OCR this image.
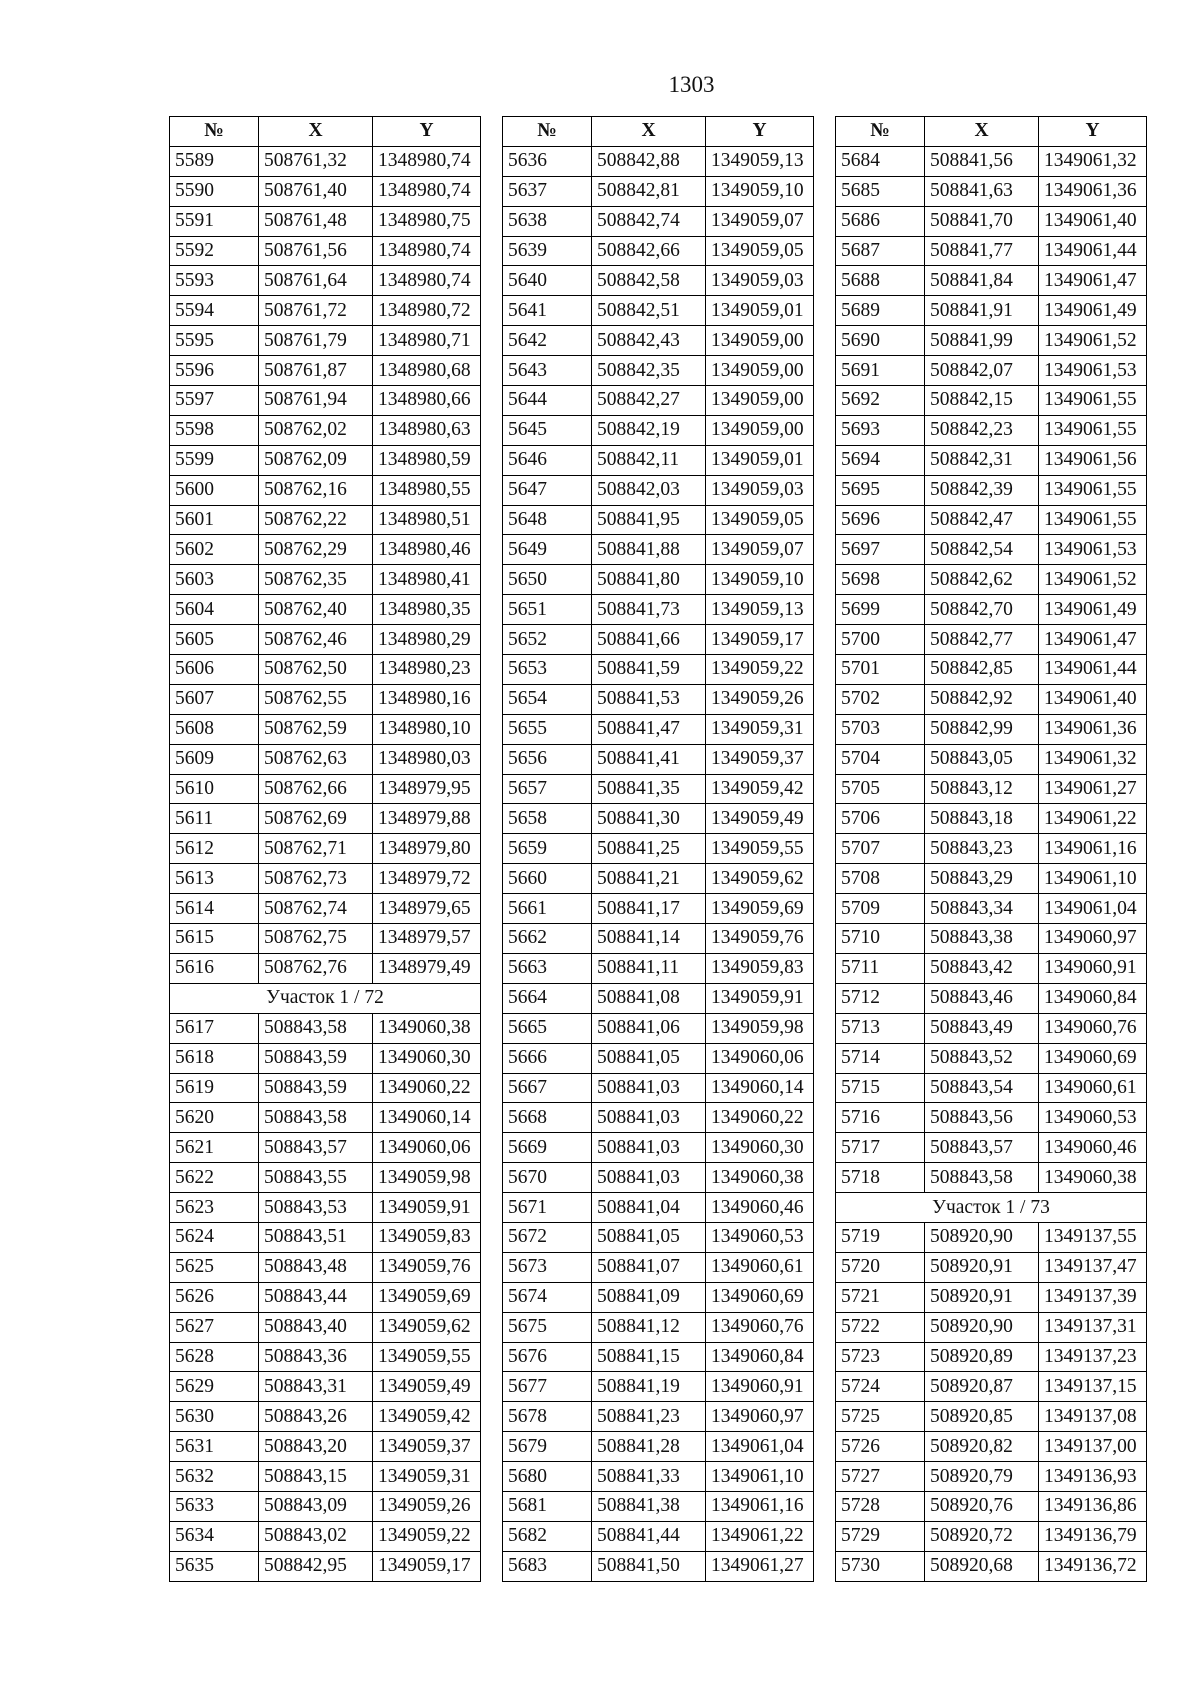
1303
№	X	Y
5589	508761,32	1348980,74
5590	508761,40	1348980,74
5591	508761,48	1348980,75
5592	508761,56	1348980,74
5593	508761,64	1348980,74
5594	508761,72	1348980,72
5595	508761,79	1348980,71
5596	508761,87	1348980,68
5597	508761,94	1348980,66
5598	508762,02	1348980,63
5599	508762,09	1348980,59
5600	508762,16	1348980,55
5601	508762,22	1348980,51
5602	508762,29	1348980,46
5603	508762,35	1348980,41
5604	508762,40	1348980,35
5605	508762,46	1348980,29
5606	508762,50	1348980,23
5607	508762,55	1348980,16
5608	508762,59	1348980,10
5609	508762,63	1348980,03
5610	508762,66	1348979,95
5611	508762,69	1348979,88
5612	508762,71	1348979,80
5613	508762,73	1348979,72
5614	508762,74	1348979,65
5615	508762,75	1348979,57
5616	508762,76	1348979,49
Участок 1 / 72		
5617	508843,58	1349060,38
5618	508843,59	1349060,30
5619	508843,59	1349060,22
5620	508843,58	1349060,14
5621	508843,57	1349060,06
5622	508843,55	1349059,98
5623	508843,53	1349059,91
5624	508843,51	1349059,83
5625	508843,48	1349059,76
5626	508843,44	1349059,69
5627	508843,40	1349059,62
5628	508843,36	1349059,55
5629	508843,31	1349059,49
5630	508843,26	1349059,42
5631	508843,20	1349059,37
5632	508843,15	1349059,31
5633	508843,09	1349059,26
5634	508843,02	1349059,22
5635	508842,95	1349059,17
№	X	Y
5636	508842,88	1349059,13
5637	508842,81	1349059,10
5638	508842,74	1349059,07
5639	508842,66	1349059,05
5640	508842,58	1349059,03
5641	508842,51	1349059,01
5642	508842,43	1349059,00
5643	508842,35	1349059,00
5644	508842,27	1349059,00
5645	508842,19	1349059,00
5646	508842,11	1349059,01
5647	508842,03	1349059,03
5648	508841,95	1349059,05
5649	508841,88	1349059,07
5650	508841,80	1349059,10
5651	508841,73	1349059,13
5652	508841,66	1349059,17
5653	508841,59	1349059,22
5654	508841,53	1349059,26
5655	508841,47	1349059,31
5656	508841,41	1349059,37
5657	508841,35	1349059,42
5658	508841,30	1349059,49
5659	508841,25	1349059,55
5660	508841,21	1349059,62
5661	508841,17	1349059,69
5662	508841,14	1349059,76
5663	508841,11	1349059,83
5664	508841,08	1349059,91
5665	508841,06	1349059,98
5666	508841,05	1349060,06
5667	508841,03	1349060,14
5668	508841,03	1349060,22
5669	508841,03	1349060,30
5670	508841,03	1349060,38
5671	508841,04	1349060,46
5672	508841,05	1349060,53
5673	508841,07	1349060,61
5674	508841,09	1349060,69
5675	508841,12	1349060,76
5676	508841,15	1349060,84
5677	508841,19	1349060,91
5678	508841,23	1349060,97
5679	508841,28	1349061,04
5680	508841,33	1349061,10
5681	508841,38	1349061,16
5682	508841,44	1349061,22
5683	508841,50	1349061,27
№	X	Y
5684	508841,56	1349061,32
5685	508841,63	1349061,36
5686	508841,70	1349061,40
5687	508841,77	1349061,44
5688	508841,84	1349061,47
5689	508841,91	1349061,49
5690	508841,99	1349061,52
5691	508842,07	1349061,53
5692	508842,15	1349061,55
5693	508842,23	1349061,55
5694	508842,31	1349061,56
5695	508842,39	1349061,55
5696	508842,47	1349061,55
5697	508842,54	1349061,53
5698	508842,62	1349061,52
5699	508842,70	1349061,49
5700	508842,77	1349061,47
5701	508842,85	1349061,44
5702	508842,92	1349061,40
5703	508842,99	1349061,36
5704	508843,05	1349061,32
5705	508843,12	1349061,27
5706	508843,18	1349061,22
5707	508843,23	1349061,16
5708	508843,29	1349061,10
5709	508843,34	1349061,04
5710	508843,38	1349060,97
5711	508843,42	1349060,91
5712	508843,46	1349060,84
5713	508843,49	1349060,76
5714	508843,52	1349060,69
5715	508843,54	1349060,61
5716	508843,56	1349060,53
5717	508843,57	1349060,46
5718	508843,58	1349060,38
Участок 1 / 73		
5719	508920,90	1349137,55
5720	508920,91	1349137,47
5721	508920,91	1349137,39
5722	508920,90	1349137,31
5723	508920,89	1349137,23
5724	508920,87	1349137,15
5725	508920,85	1349137,08
5726	508920,82	1349137,00
5727	508920,79	1349136,93
5728	508920,76	1349136,86
5729	508920,72	1349136,79
5730	508920,68	1349136,72
